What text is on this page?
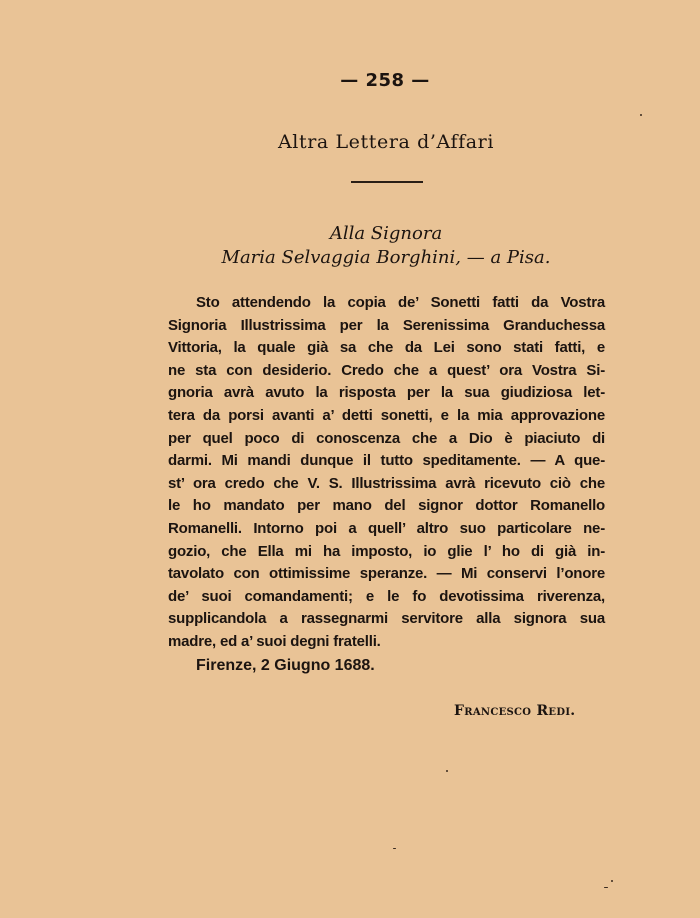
— 258 —
Altra Lettera d’Affari
Alla Signora
Maria Selvaggia Borghini, — a Pisa.
Sto attendendo la copia de’ Sonetti fatti da Vostra
Signoria Illustrissima per la Serenissima Granduchessa
Vittoria, la quale già sa che da Lei sono stati fatti, e
ne sta con desiderio. Credo che a quest’ ora Vostra Si-
gnoria avrà avuto la risposta per la sua giudiziosa let-
tera da porsi avanti a’ detti sonetti, e la mia approvazione
per quel poco di conoscenza che a Dio è piaciuto di
darmi. Mi mandi dunque il tutto speditamente. — A que-
st’ ora credo che V. S. Illustrissima avrà ricevuto ciò che
le ho mandato per mano del signor dottor Romanello
Romanelli. Intorno poi a quell’ altro suo particolare ne-
gozio, che Ella mi ha imposto, io glie l’ ho di già in-
tavolato con ottimissime speranze. — Mi conservi l’onore
de’ suoi comandamenti; e le fo devotissima riverenza,
supplicandola a rassegnarmi servitore alla signora sua
madre, ed a’ suoi degni fratelli.
Firenze, 2 Giugno 1688.
Francesco Redi.
